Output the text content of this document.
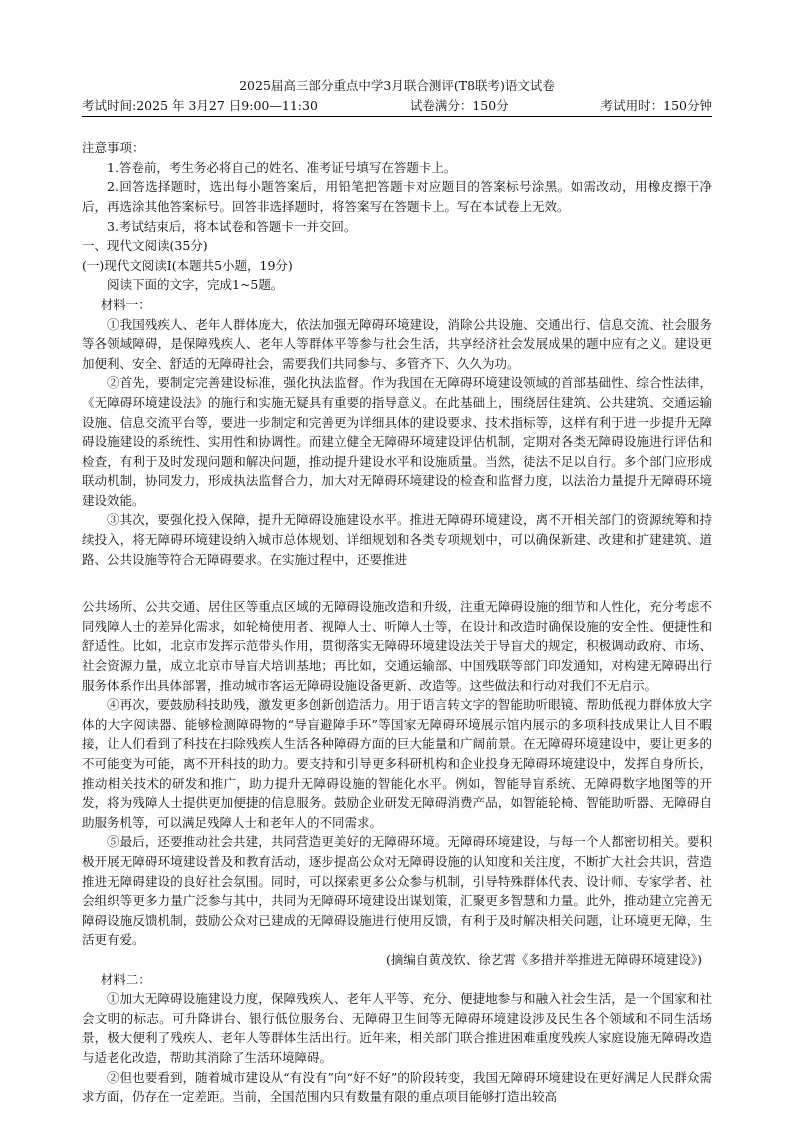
2025届高三部分重点中学3月联合测评(T8联考)语文试卷
考试时间:2025 年 3月27 日9:00—11:30	试卷满分：150分	考试用时：150分钟

注意事项：

1.答卷前，考生务必将自己的姓名、准考证号填写在答题卡上。

2.回答选择题时，选出每小题答案后，用铅笔把答题卡对应题目的答案标号涂黑。如需改动，用橡皮擦干净后，再选涂其他答案标号。回答非选择题时，将答案写在答题卡上。写在本试卷上无效。

3.考试结束后，将本试卷和答题卡一并交回。

一、现代文阅读(35分)

(一)现代文阅读Ⅰ(本题共5小题，19分)

阅读下面的文字，完成1~5题。

材料一：

①我国残疾人、老年人群体庞大，依法加强无障碍环境建设，消除公共设施、交通出行、信息交流、社会服务等各领域障碍，是保障残疾人、老年人等群体平等参与社会生活，共享经济社会发展成果的题中应有之义。建设更加便利、安全、舒适的无障碍社会，需要我们共同参与、多管齐下、久久为功。

②首先，要制定完善建设标准，强化执法监督。作为我国在无障碍环境建设领域的首部基础性、综合性法律，《无障碍环境建设法》的施行和实施无疑具有重要的指导意义。在此基础上，围绕居住建筑、公共建筑、交通运输设施、信息交流平台等，要进一步制定和完善更为详细具体的建设要求、技术指标等，这样有利于进一步提升无障碍设施建设的系统性、实用性和协调性。而建立健全无障碍环境建设评估机制，定期对各类无障碍设施进行评估和检查，有利于及时发现问题和解决问题，推动提升建设水平和设施质量。当然，徒法不足以自行。多个部门应形成联动机制，协同发力，形成执法监督合力，加大对无障碍环境建设的检查和监督力度，以法治力量提升无障碍环境建设效能。

③其次，要强化投入保障，提升无障碍设施建设水平。推进无障碍环境建设，离不开相关部门的资源统筹和持续投入，将无障碍环境建设纳入城市总体规划、详细规划和各类专项规划中，可以确保新建、改建和扩建建筑、道路、公共设施等符合无障碍要求。在实施过程中，还要推进

公共场所、公共交通、居住区等重点区域的无障碍设施改造和升级，注重无障碍设施的细节和人性化，充分考虑不同残障人士的差异化需求，如轮椅使用者、视障人士、听障人士等，在设计和改造时确保设施的安全性、便捷性和舒适性。比如，北京市发挥示范带头作用，贯彻落实无障碍环境建设法关于导盲犬的规定，积极调动政府、市场、社会资源力量，成立北京市导盲犬培训基地；再比如，交通运输部、中国残联等部门印发通知，对构建无障碍出行服务体系作出具体部署，推动城市客运无障碍设施设备更新、改造等。这些做法和行动对我们不无启示。

④再次，要鼓励科技助残，激发更多创新创造活力。用于语言转文字的智能助听眼镜、帮助低视力群体放大字体的大字阅读器、能够检测障碍物的“导盲避障手环”等国家无障碍环境展示馆内展示的多项科技成果让人目不暇接，让人们看到了科技在扫除残疾人生活各种障碍方面的巨大能量和广阔前景。在无障碍环境建设中，要让更多的不可能变为可能，离不开科技的助力。要支持和引导更多科研机构和企业投身无障碍环境建设中，发挥自身所长，推动相关技术的研发和推广，助力提升无障碍设施的智能化水平。例如，智能导盲系统、无障碍数字地图等的开发，将为残障人士提供更加便捷的信息服务。鼓励企业研发无障碍消费产品，如智能轮椅、智能助听器、无障碍自助服务机等，可以满足残障人士和老年人的不同需求。

⑤最后，还要推动社会共建，共同营造更美好的无障碍环境。无障碍环境建设，与每一个人都密切相关。要积极开展无障碍环境建设普及和教育活动，逐步提高公众对无障碍设施的认知度和关注度，不断扩大社会共识，营造推进无障碍建设的良好社会氛围。同时，可以探索更多公众参与机制，引导特殊群体代表、设计师、专家学者、社会组织等更多力量广泛参与其中，共同为无障碍环境建设出谋划策，汇聚更多智慧和力量。此外，推动建立完善无障碍设施反馈机制，鼓励公众对已建成的无障碍设施进行使用反馈，有利于及时解决相关问题，让环境更无障，生活更有爱。

(摘编自黄茂钦、徐艺霄《多措并举推进无障碍环境建设》)

材料二：

①加大无障碍设施建设力度，保障残疾人、老年人平等、充分、便捷地参与和融入社会生活，是一个国家和社会文明的标志。可升降讲台、银行低位服务台、无障碍卫生间等无障碍环境建设涉及民生各个领域和不同生活场景，极大便利了残疾人、老年人等群体生活出行。近年来，相关部门联合推进困难重度残疾人家庭设施无障碍改造与适老化改造，帮助其消除了生活环境障碍。

②但也要看到，随着城市建设从“有没有”向“好不好”的阶段转变，我国无障碍环境建设在更好满足人民群众需求方面，仍存在一定差距。当前，全国范围内只有数量有限的重点项目能够打造出较高
